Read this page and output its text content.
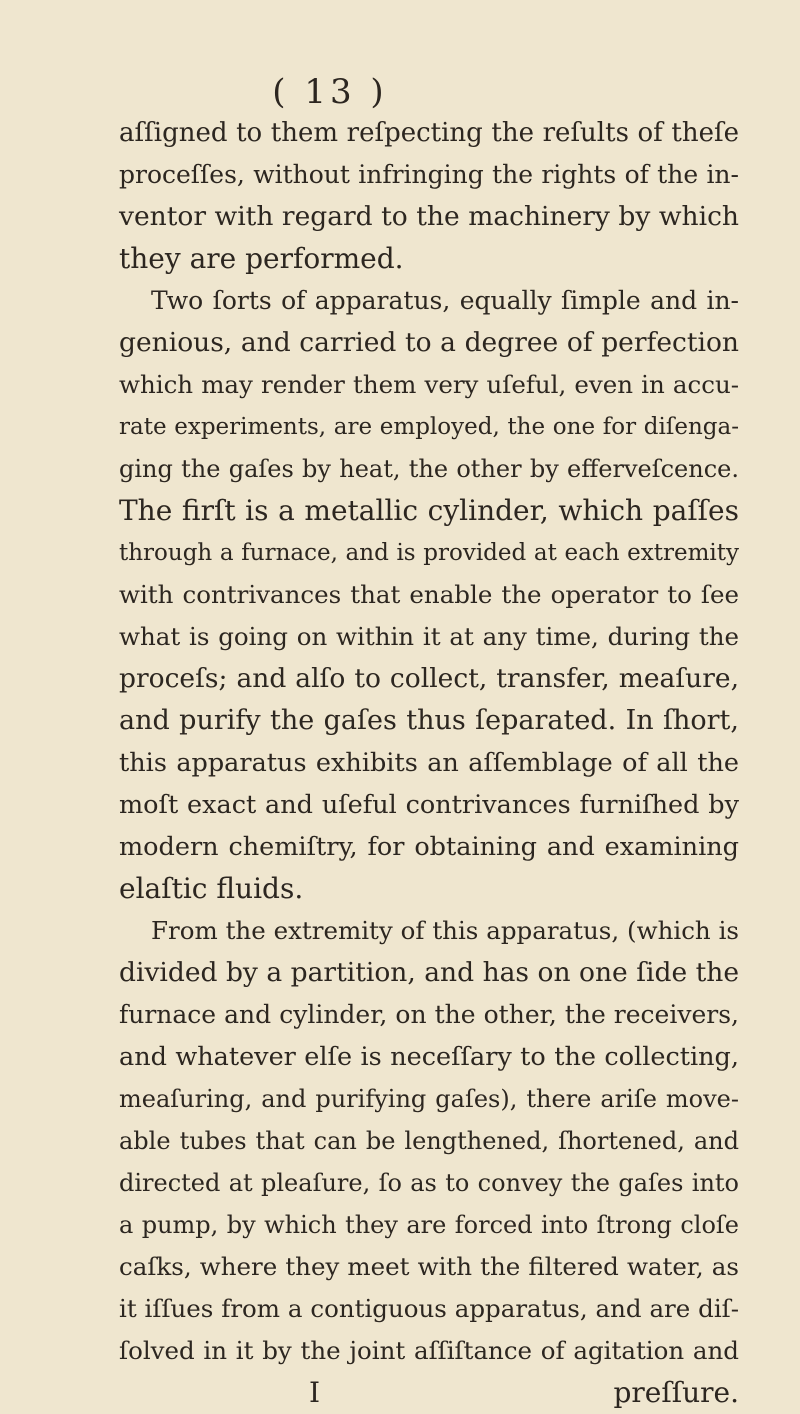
( 13 )
aſſigned to them reſpecting the reſults of theſe
proceſſes, without infringing the rights of the in-
ventor with regard to the machinery by which
they are performed.
Two ſorts of apparatus, equally ſimple and in-
genious, and carried to a degree of perfection
which may render them very uſeful, even in accu-
rate experiments, are employed, the one for diſenga-
ging the gaſes by heat, the other by effervеſcence.
The firſt is a metallic cylinder, which paſſes
through a furnace, and is provided at each extremity
with contrivances that enable the operator to ſee
what is going on within it at any time, during the
proceſs; and alſo to collect, transfer, meaſure,
and purify the gaſes thus ſeparated. In ſhort,
this apparatus exhibits an aſſemblage of all the
moſt exact and uſeful contrivances furniſhed by
modern chemiſtry, for obtaining and examining
elaſtic fluids.
From the extremity of this apparatus, (which is
divided by a partition, and has on one ſide the
furnace and cylinder, on the other, the receivers,
and whatever elſe is neceſſary to the collecting,
meaſuring, and purifying gaſes), there ariſe move-
able tubes that can be lengthened, ſhortened, and
directed at pleaſure, ſo as to convey the gaſes into
a pump, by which they are forced into ſtrong cloſe
caſks, where they meet with the filtered water, as
it iſſues from a contiguous apparatus, and are diſ-
ſolved in it by the joint aſſiſtance of agitation and
I	preſſure.
